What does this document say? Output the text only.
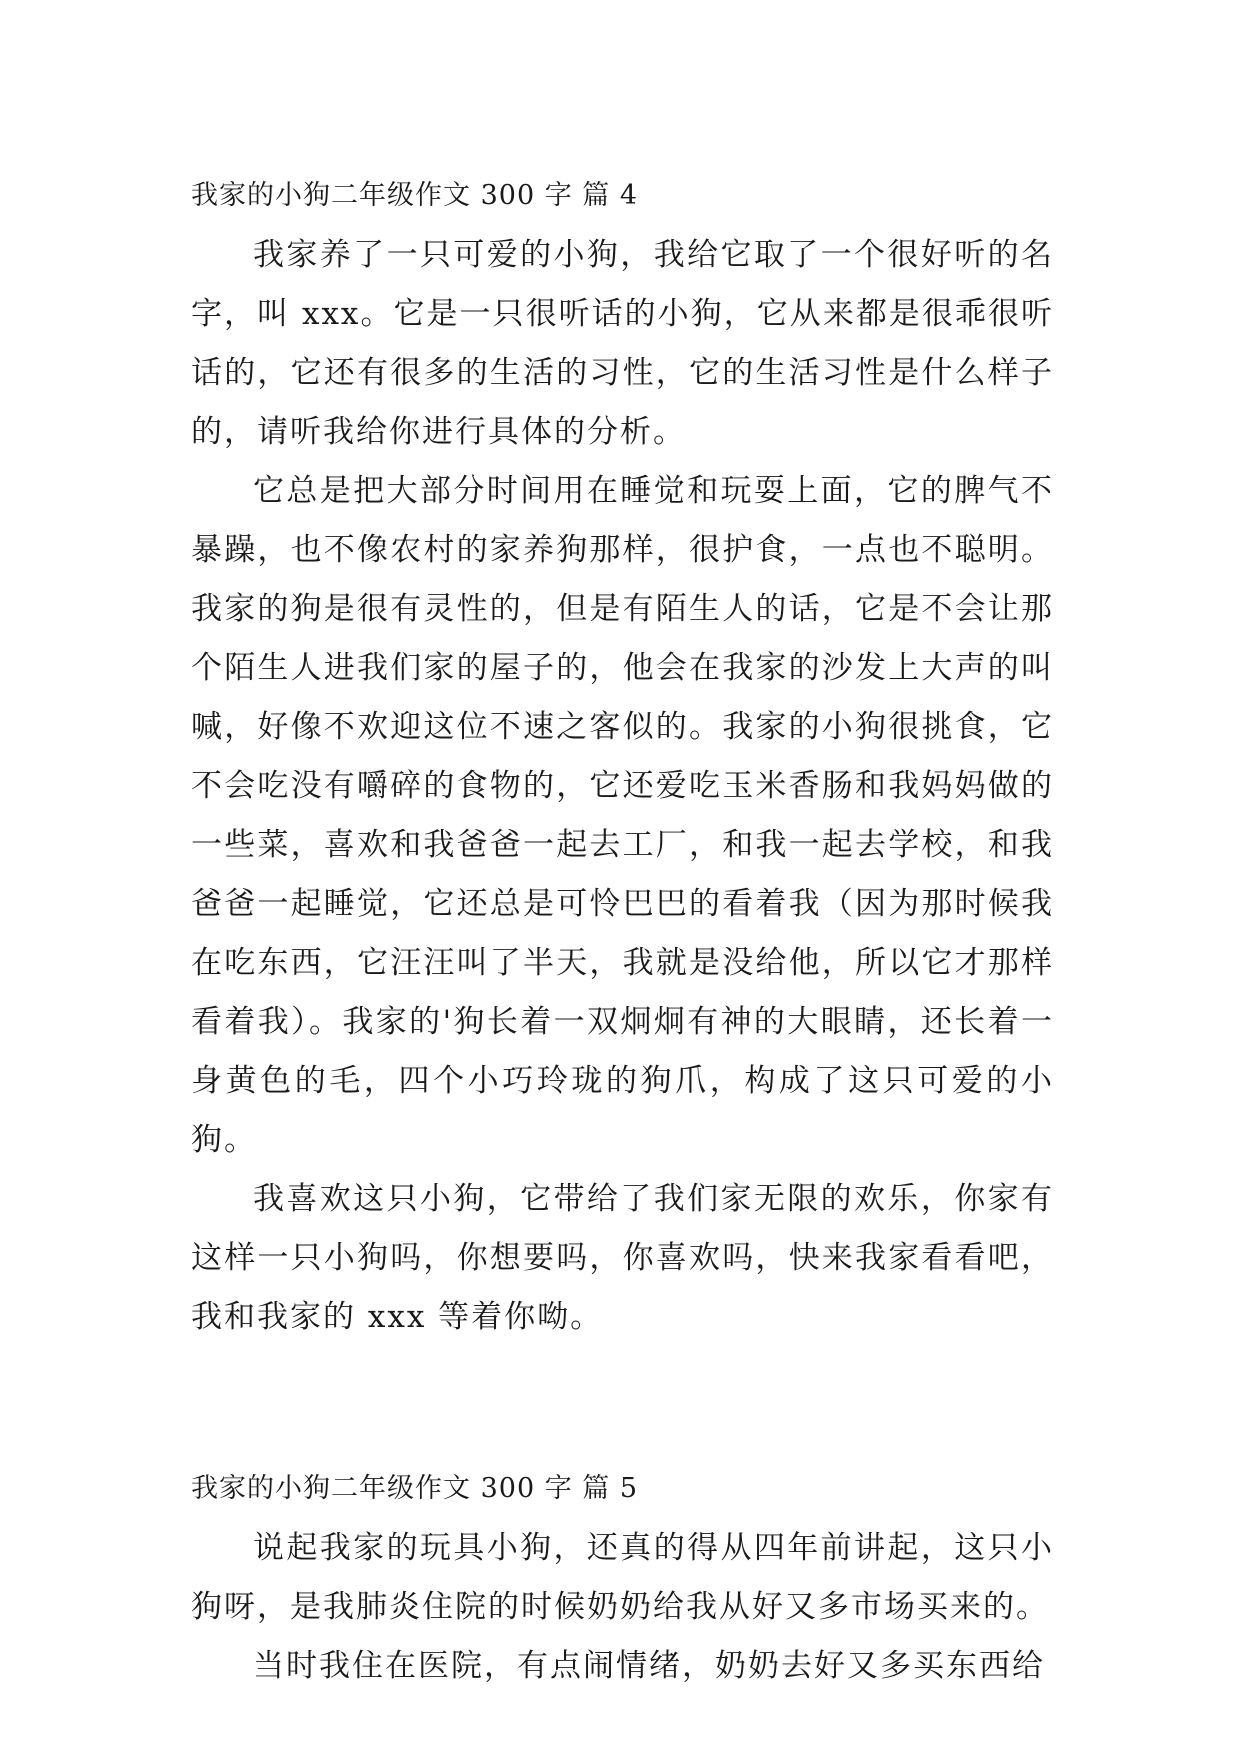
我家的小狗二年级作文 300 字 篇 4

我家养了一只可爱的小狗，我给它取了一个很好听的名字，叫 xxx。它是一只很听话的小狗，它从来都是很乖很听话的，它还有很多的生活的习性，它的生活习性是什么样子的，请听我给你进行具体的分析。

它总是把大部分时间用在睡觉和玩耍上面，它的脾气不暴躁，也不像农村的家养狗那样，很护食，一点也不聪明。我家的狗是很有灵性的，但是有陌生人的话，它是不会让那个陌生人进我们家的屋子的，他会在我家的沙发上大声的叫喊，好像不欢迎这位不速之客似的。我家的小狗很挑食，它不会吃没有嚼碎的食物的，它还爱吃玉米香肠和我妈妈做的一些菜，喜欢和我爸爸一起去工厂，和我一起去学校，和我爸爸一起睡觉，它还总是可怜巴巴的看着我（因为那时候我在吃东西，它汪汪叫了半天，我就是没给他，所以它才那样看着我）。我家的'狗长着一双炯炯有神的大眼睛，还长着一身黄色的毛，四个小巧玲珑的狗爪，构成了这只可爱的小狗。

我喜欢这只小狗，它带给了我们家无限的欢乐，你家有这样一只小狗吗，你想要吗，你喜欢吗，快来我家看看吧，我和我家的 xxx 等着你呦。

我家的小狗二年级作文 300 字 篇 5

说起我家的玩具小狗，还真的得从四年前讲起，这只小狗呀，是我肺炎住院的时候奶奶给我从好又多市场买来的。

当时我住在医院，有点闹情绪，奶奶去好又多买东西给
